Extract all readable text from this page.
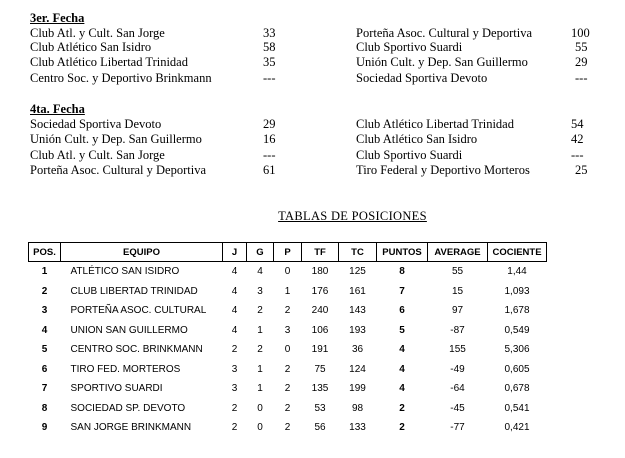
3er. Fecha
Club Atl. y Cult. San Jorge	33	Porteña Asoc. Cultural y Deportiva	100
Club Atlético San Isidro	58	Club Sportivo Suardi	55
Club Atlético Libertad Trinidad	35	Unión Cult. y Dep. San Guillermo	29
Centro Soc. y Deportivo Brinkmann	---	Sociedad Sportiva Devoto	---
4ta. Fecha
Sociedad Sportiva Devoto	29	Club Atlético Libertad Trinidad	54
Unión Cult. y Dep. San Guillermo	16	Club Atlético San Isidro	42
Club Atl. y Cult. San Jorge	---	Club Sportivo Suardi	---
Porteña Asoc. Cultural y Deportiva	61	Tiro Federal y Deportivo Morteros	25
TABLAS DE POSICIONES
POS.	EQUIPO	J	G	P	TF	TC	PUNTOS	AVERAGE	COCIENTE
1	ATLÉTICO SAN ISIDRO	4	4	0	180	125	8	55	1,44
2	CLUB LIBERTAD TRINIDAD	4	3	1	176	161	7	15	1,093
3	PORTEÑA ASOC. CULTURAL	4	2	2	240	143	6	97	1,678
4	UNION SAN GUILLERMO	4	1	3	106	193	5	-87	0,549
5	CENTRO SOC. BRINKMANN	2	2	0	191	36	4	155	5,306
6	TIRO FED. MORTEROS	3	1	2	75	124	4	-49	0,605
7	SPORTIVO SUARDI	3	1	2	135	199	4	-64	0,678
8	SOCIEDAD SP. DEVOTO	2	0	2	53	98	2	-45	0,541
9	SAN JORGE BRINKMANN	2	0	2	56	133	2	-77	0,421
